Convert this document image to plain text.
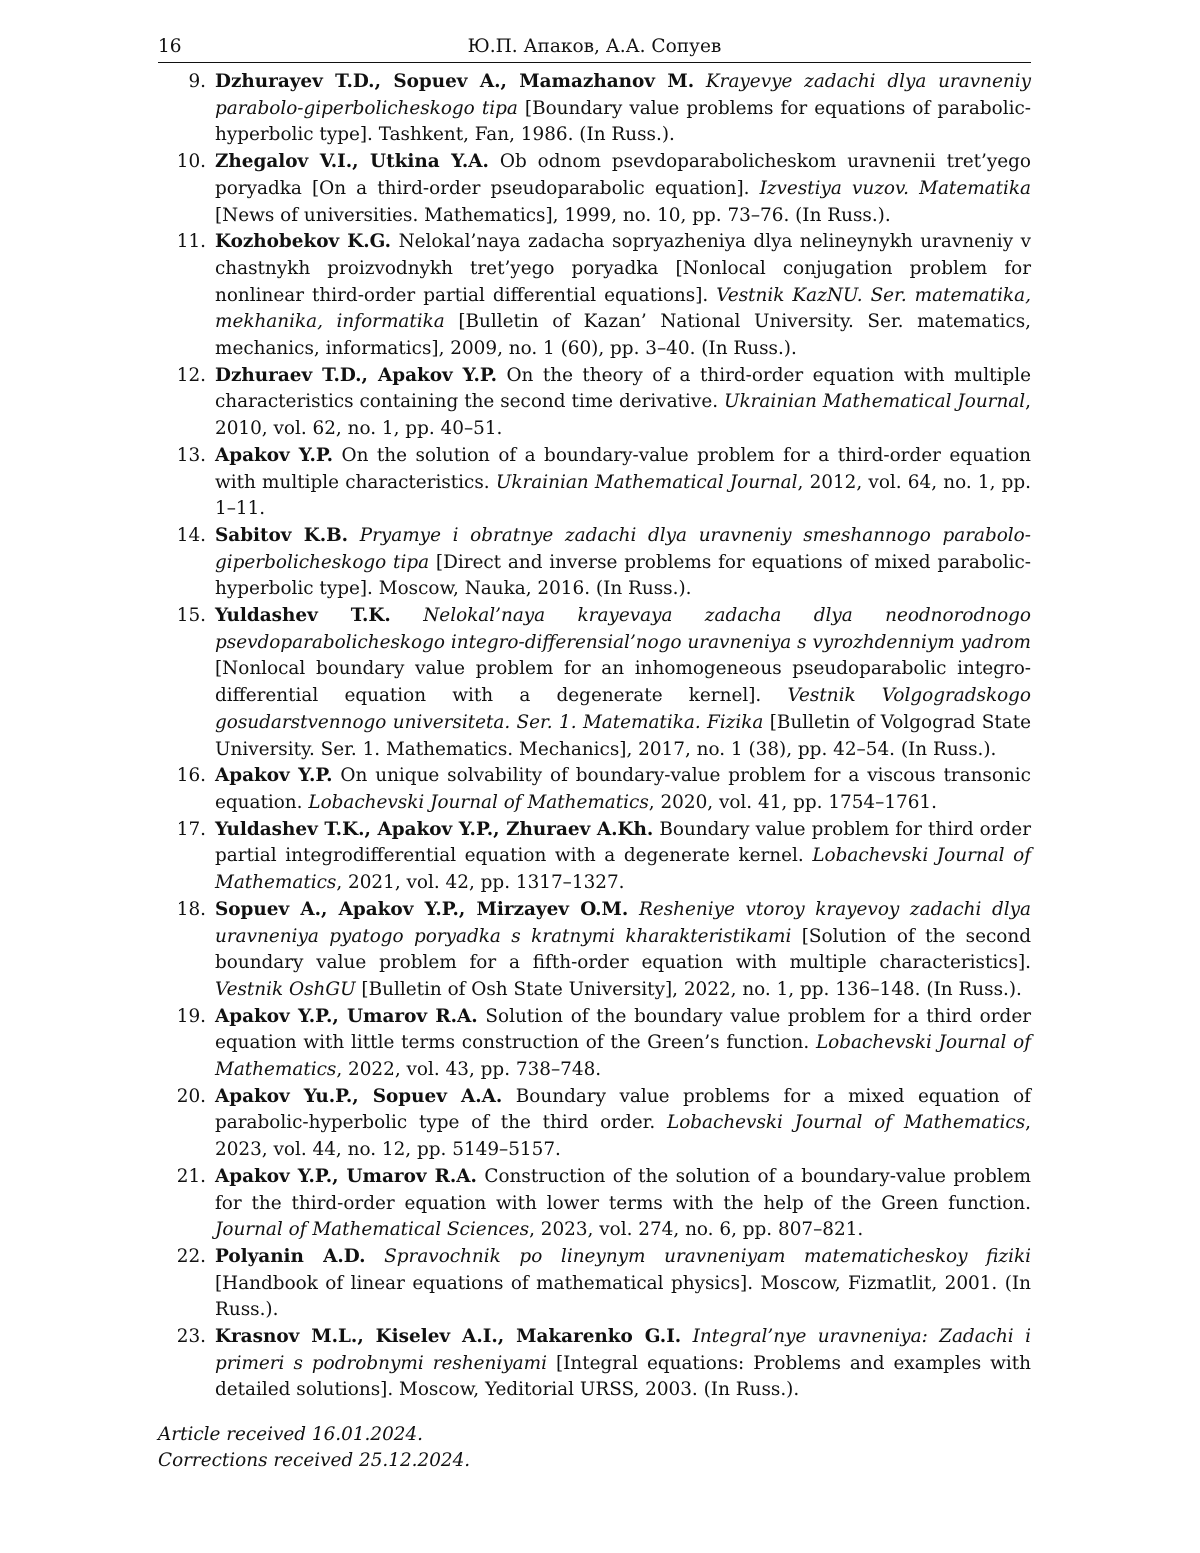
16	Ю.П. Апаков, А.А. Сопуев
9. Dzhurayev T.D., Sopuev A., Mamazhanov M. Krayevye zadachi dlya uravneniy parabolo-giperbolicheskogo tipa [Boundary value problems for equations of parabolic-hyperbolic type]. Tashkent, Fan, 1986. (In Russ.).
10. Zhegalov V.I., Utkina Y.A. Ob odnom psevdoparabolicheskom uravnenii tret’yego poryadka [On a third-order pseudoparabolic equation]. Izvestiya vuzov. Matematika [News of universities. Mathematics], 1999, no. 10, pp. 73–76. (In Russ.).
11. Kozhobekov K.G. Nelokal’naya zadacha sopryazheniya dlya nelineynykh uravneniy v chastnykh proizvodnykh tret’yego poryadka [Nonlocal conjugation problem for nonlinear third-order partial differential equations]. Vestnik KazNU. Ser. matematika, mekhanika, informatika [Bulletin of Kazan’ National University. Ser. matematics, mechanics, informatics], 2009, no. 1 (60), pp. 3–40. (In Russ.).
12. Dzhuraev T.D., Apakov Y.P. On the theory of a third-order equation with multiple characteristics containing the second time derivative. Ukrainian Mathematical Journal, 2010, vol. 62, no. 1, pp. 40–51.
13. Apakov Y.P. On the solution of a boundary-value problem for a third-order equation with multiple characteristics. Ukrainian Mathematical Journal, 2012, vol. 64, no. 1, pp. 1–11.
14. Sabitov K.B. Pryamye i obratnye zadachi dlya uravneniy smeshannogo parabolo-giperbolicheskogo tipa [Direct and inverse problems for equations of mixed parabolic-hyperbolic type]. Moscow, Nauka, 2016. (In Russ.).
15. Yuldashev T.K. Nelokal’naya krayevaya zadacha dlya neodnorodnogo psevdoparabolicheskogo integro-differensial’nogo uravneniya s vyrozhdenniym yadrom [Nonlocal boundary value problem for an inhomogeneous pseudoparabolic integro-differential equation with a degenerate kernel]. Vestnik Volgogradskogo gosudarstvennogo universiteta. Ser. 1. Matematika. Fizika [Bulletin of Volgograd State University. Ser. 1. Mathematics. Mechanics], 2017, no. 1 (38), pp. 42–54. (In Russ.).
16. Apakov Y.P. On unique solvability of boundary-value problem for a viscous transonic equation. Lobachevski Journal of Mathematics, 2020, vol. 41, pp. 1754–1761.
17. Yuldashev T.K., Apakov Y.P., Zhuraev A.Kh. Boundary value problem for third order partial integrodifferential equation with a degenerate kernel. Lobachevski Journal of Mathematics, 2021, vol. 42, pp. 1317–1327.
18. Sopuev A., Apakov Y.P., Mirzayev O.M. Resheniye vtoroy krayevoy zadachi dlya uravneniya pyatogo poryadka s kratnymi kharakteristikami [Solution of the second boundary value problem for a fifth-order equation with multiple characteristics]. Vestnik OshGU [Bulletin of Osh State University], 2022, no. 1, pp. 136–148. (In Russ.).
19. Apakov Y.P., Umarov R.A. Solution of the boundary value problem for a third order equation with little terms construction of the Green’s function. Lobachevski Journal of Mathematics, 2022, vol. 43, pp. 738–748.
20. Apakov Yu.P., Sopuev A.A. Boundary value problems for a mixed equation of parabolic-hyperbolic type of the third order. Lobachevski Journal of Mathematics, 2023, vol. 44, no. 12, pp. 5149–5157.
21. Apakov Y.P., Umarov R.A. Construction of the solution of a boundary-value problem for the third-order equation with lower terms with the help of the Green function. Journal of Mathematical Sciences, 2023, vol. 274, no. 6, pp. 807–821.
22. Polyanin A.D. Spravochnik po lineynym uravneniyam matematicheskoy fiziki [Handbook of linear equations of mathematical physics]. Moscow, Fizmatlit, 2001. (In Russ.).
23. Krasnov M.L., Kiselev A.I., Makarenko G.I. Integral’nye uravneniya: Zadachi i primeri s podrobnymi resheniyami [Integral equations: Problems and examples with detailed solutions]. Moscow, Yeditorial URSS, 2003. (In Russ.).
Article received 16.01.2024.
Corrections received 25.12.2024.
